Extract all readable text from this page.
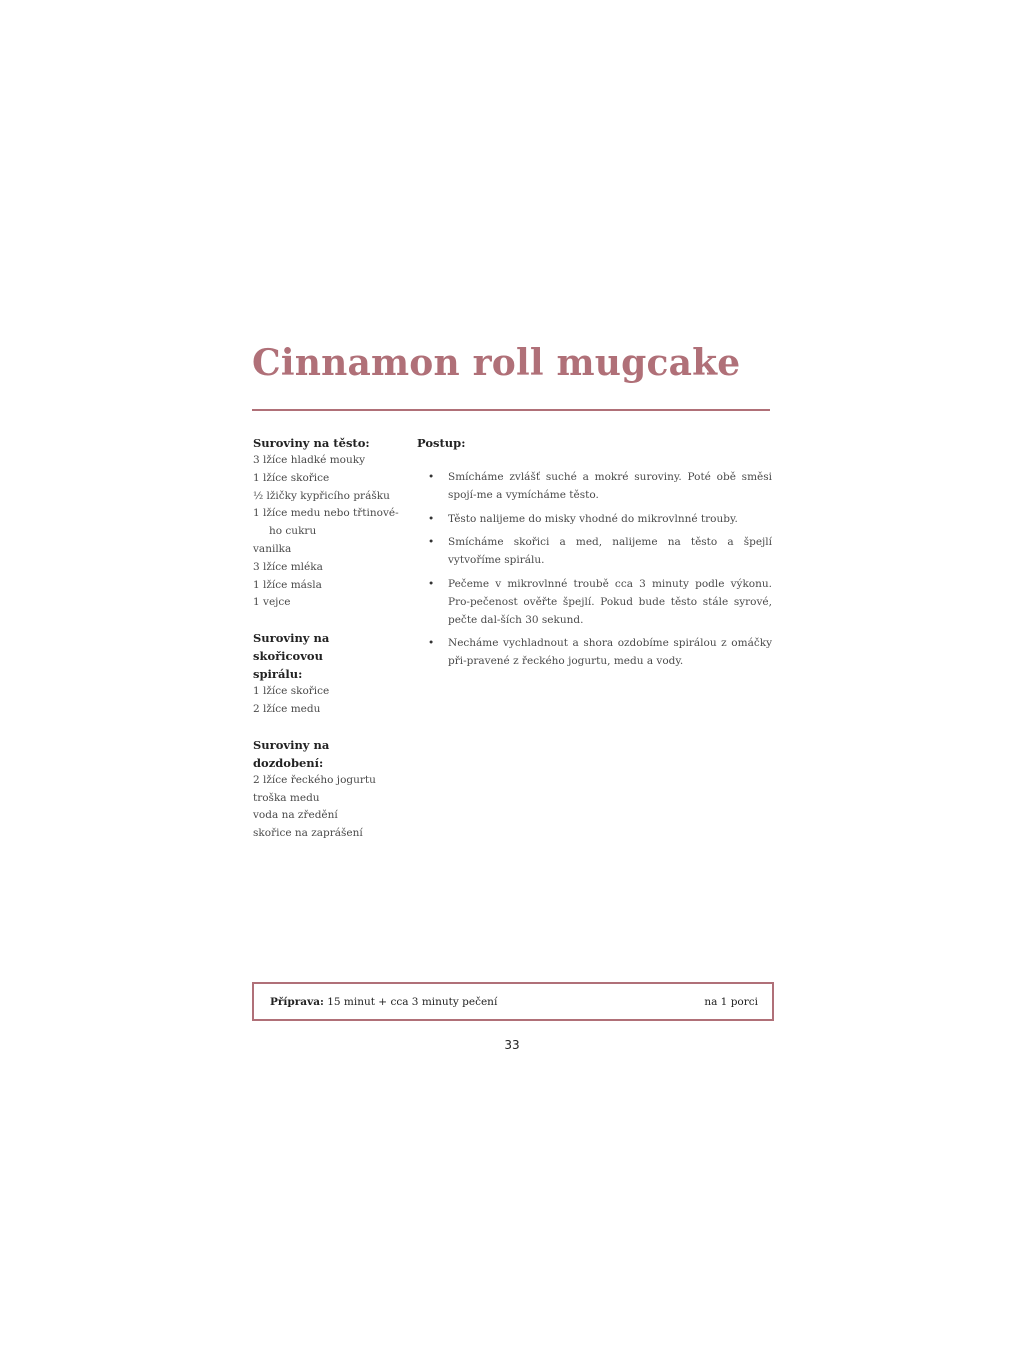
Cinnamon roll mugcake

Suroviny na těsto:

3 lžíce hladké mouky
1 lžíce skořice
½ lžičky kypřicího prášku
1 lžíce medu nebo třtinové-
ho cukru
vanilka
3 lžíce mléka
1 lžíce másla
1 vejce

Suroviny na skořicovou
spirálu:

1 lžíce skořice
2 lžíce medu

Suroviny na dozdobení:

2 lžíce řeckého jogurtu
troška medu
voda na zředění
skořice na zaprášení

Postup:

• Smícháme zvlášť suché a mokré suroviny. Poté obě směsi spojí-me a vymícháme těsto.
• Těsto nalijeme do misky vhodné do mikrovlnné trouby.
• Smícháme skořici a med, nalijeme na těsto a špejlí vytvoříme spirálu.
• Pečeme v mikrovlnné troubě cca 3 minuty podle výkonu. Pro-pečenost ověřte špejlí. Pokud bude těsto stále syrové, pečte dal-ších 30 sekund.
• Necháme vychladnout a shora ozdobíme spirálou z omáčky při-pravené z řeckého jogurtu, medu a vody.
Příprava: 15 minut + cca 3 minuty pečení	na 1 porci
33
